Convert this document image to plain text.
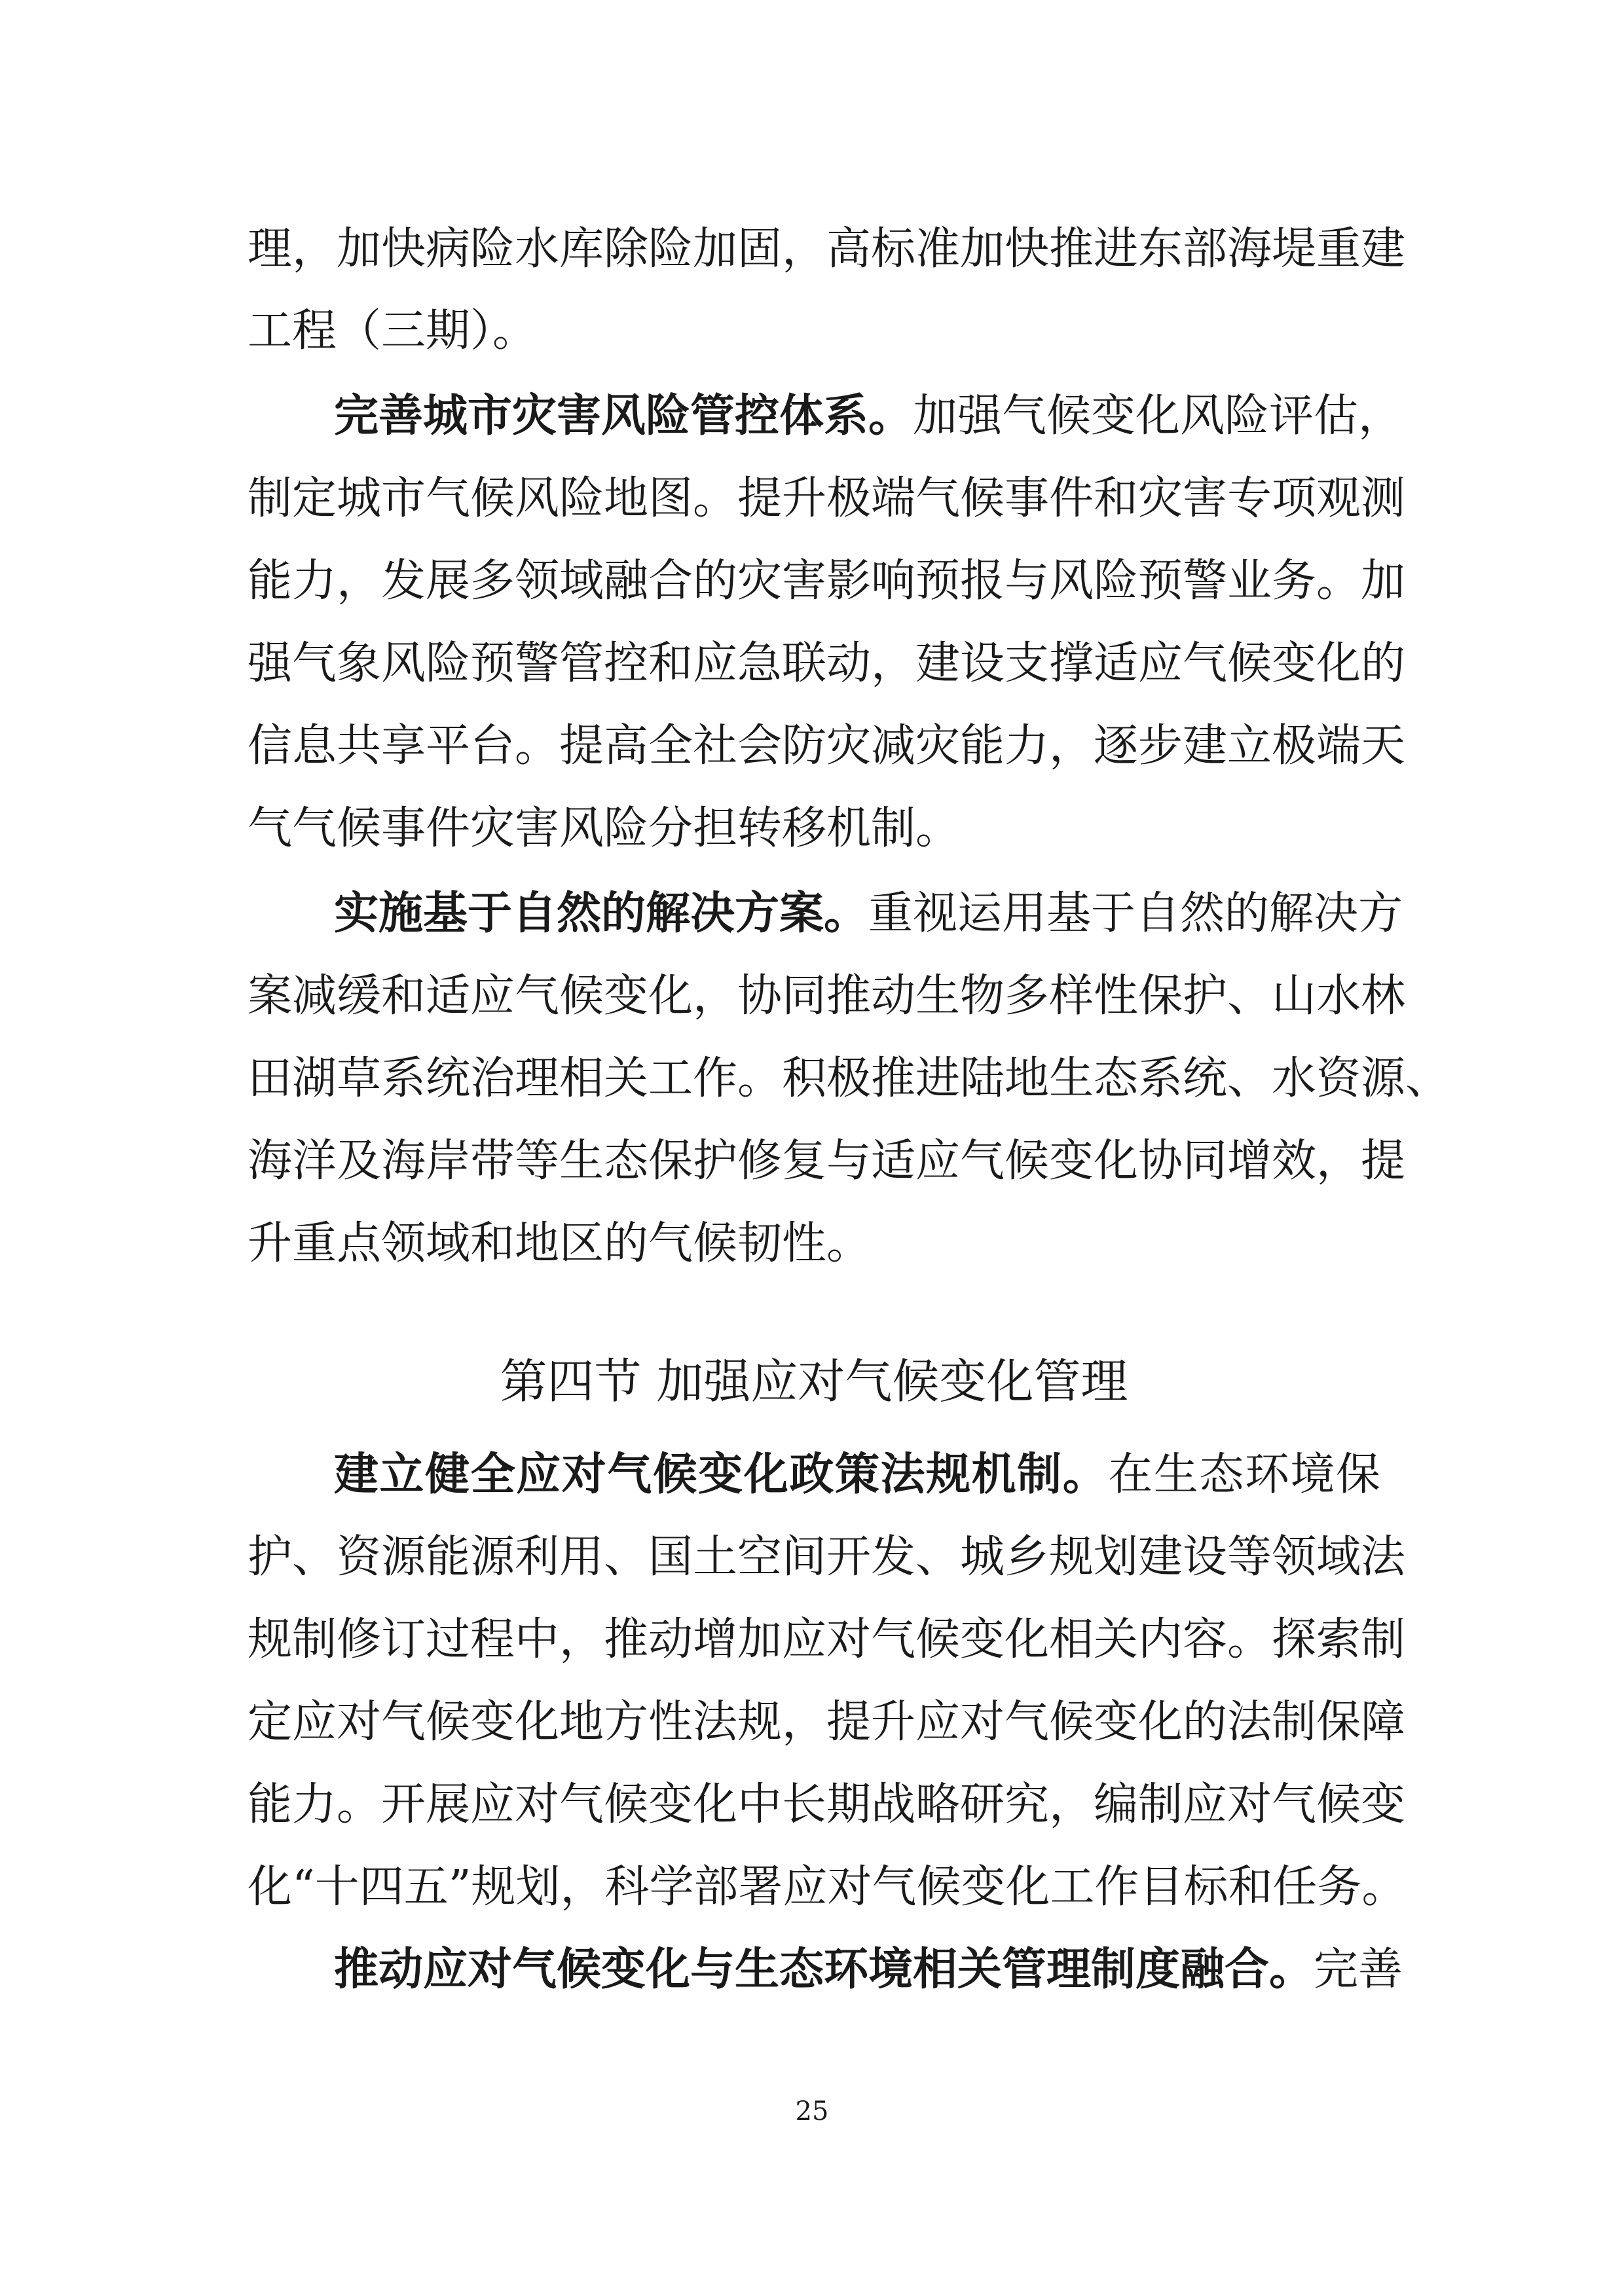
理，加快病险水库除险加固，高标准加快推进东部海堤重建
工程（三期）。
完善城市灾害风险管控体系。加强气候变化风险评估，
制定城市气候风险地图。提升极端气候事件和灾害专项观测
能力，发展多领域融合的灾害影响预报与风险预警业务。加
强气象风险预警管控和应急联动，建设支撑适应气候变化的
信息共享平台。提高全社会防灾减灾能力，逐步建立极端天
气气候事件灾害风险分担转移机制。
实施基于自然的解决方案。重视运用基于自然的解决方
案减缓和适应气候变化，协同推动生物多样性保护、山水林
田湖草系统治理相关工作。积极推进陆地生态系统、水资源、
海洋及海岸带等生态保护修复与适应气候变化协同增效，提
升重点领域和地区的气候韧性。
第四节 加强应对气候变化管理
建立健全应对气候变化政策法规机制。在生态环境保
护、资源能源利用、国土空间开发、城乡规划建设等领域法
规制修订过程中，推动增加应对气候变化相关内容。探索制
定应对气候变化地方性法规，提升应对气候变化的法制保障
能力。开展应对气候变化中长期战略研究，编制应对气候变
化“十四五”规划，科学部署应对气候变化工作目标和任务。
推动应对气候变化与生态环境相关管理制度融合。完善
25
